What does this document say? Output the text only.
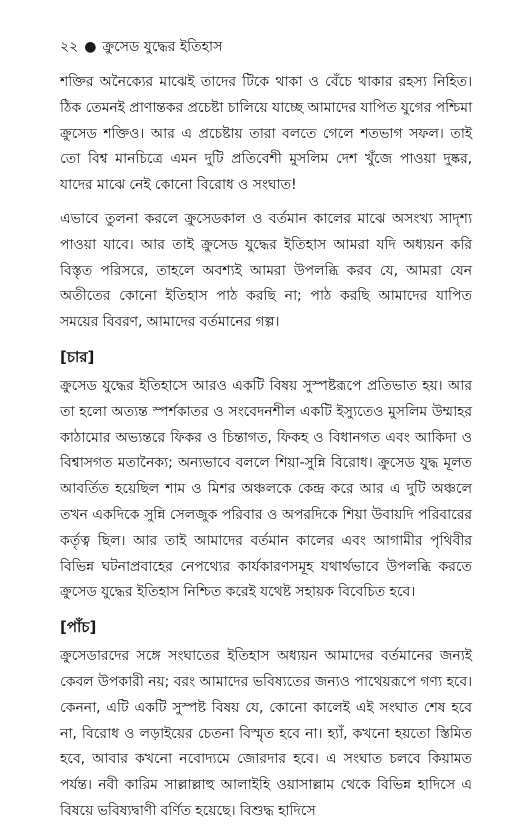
২২ ● ক্রুসেড যুদ্ধের ইতিহাস

শক্তির অনৈক্যের মাঝেই তাদের টিকে থাকা ও বেঁচে থাকার রহস্য নিহিত। ঠিক তেমনই প্রাণান্তকর প্রচেষ্টা চালিয়ে যাচ্ছে আমাদের যাপিত যুগের পশ্চিমা ক্রুসেড শক্তিও। আর এ প্রচেষ্টায় তারা বলতে গেলে শতভাগ সফল। তাই তো বিশ্ব মানচিত্রে এমন দুটি প্রতিবেশী মুসলিম দেশ খুঁজে পাওয়া দুষ্কর, যাদের মাঝে নেই কোনো বিরোধ ও সংঘাত!

এভাবে তুলনা করলে ক্রুসেডকাল ও বর্তমান কালের মাঝে অসংখ্য সাদৃশ্য পাওয়া যাবে। আর তাই ক্রুসেড যুদ্ধের ইতিহাস আমরা যদি অধ্যয়ন করি বিস্তৃত পরিসরে, তাহলে অবশ্যই আমরা উপলব্ধি করব যে, আমরা যেন অতীতের কোনো ইতিহাস পাঠ করছি না; পাঠ করছি আমাদের যাপিত সময়ের বিবরণ, আমাদের বর্তমানের গল্প।

[চার]

ক্রুসেড যুদ্ধের ইতিহাসে আরও একটি বিষয় সুস্পষ্টরূপে প্রতিভাত হয়। আর তা হলো অত্যন্ত স্পর্শকাতর ও সংবেদনশীল একটি ইস্যুতেও মুসলিম উম্মাহর কাঠামোর অভ্যন্তরে ফিকর ও চিন্তাগত, ফিকহ ও বিধানগত এবং আকিদা ও বিশ্বাসগত মতানৈক্য; অন্যভাবে বললে শিয়া-সুন্নি বিরোধ। ক্রুসেড যুদ্ধ মূলত আবর্তিত হয়েছিল শাম ও মিশর অঞ্চলকে কেন্দ্র করে আর এ দুটি অঞ্চলে তখন একদিকে সুন্নি সেলজুক পরিবার ও অপরদিকে শিয়া উবায়দি পরিবারের কর্তৃত্ব ছিল। আর তাই আমাদের বর্তমান কালের এবং আগামীর পৃথিবীর বিভিন্ন ঘটনাপ্রবাহের নেপথ্যের কার্যকারণসমূহ যথার্থভাবে উপলব্ধি করতে ক্রুসেড যুদ্ধের ইতিহাস নিশ্চিত করেই যথেষ্ট সহায়ক বিবেচিত হবে।

[পাঁচ]

ক্রুসেডারদের সঙ্গে সংঘাতের ইতিহাস অধ্যয়ন আমাদের বর্তমানের জন্যই কেবল উপকারী নয়; বরং আমাদের ভবিষ্যতের জন্যও পাথেয়রূপে গণ্য হবে। কেননা, এটি একটি সুস্পষ্ট বিষয় যে, কোনো কালেই এই সংঘাত শেষ হবে না, বিরোধ ও লড়াইয়ের চেতনা বিস্মৃত হবে না। হ্যাঁ, কখনো হয়তো স্তিমিত হবে, আবার কখনো নবোদ্যমে জোরদার হবে। এ সংঘাত চলবে কিয়ামত পর্যন্ত। নবী কারিম সাল্লাল্লাহু আলাইহি ওয়াসাল্লাম থেকে বিভিন্ন হাদিসে এ বিষয়ে ভবিষ্যদ্বাণী বর্ণিত হয়েছে। বিশুদ্ধ হাদিসে
